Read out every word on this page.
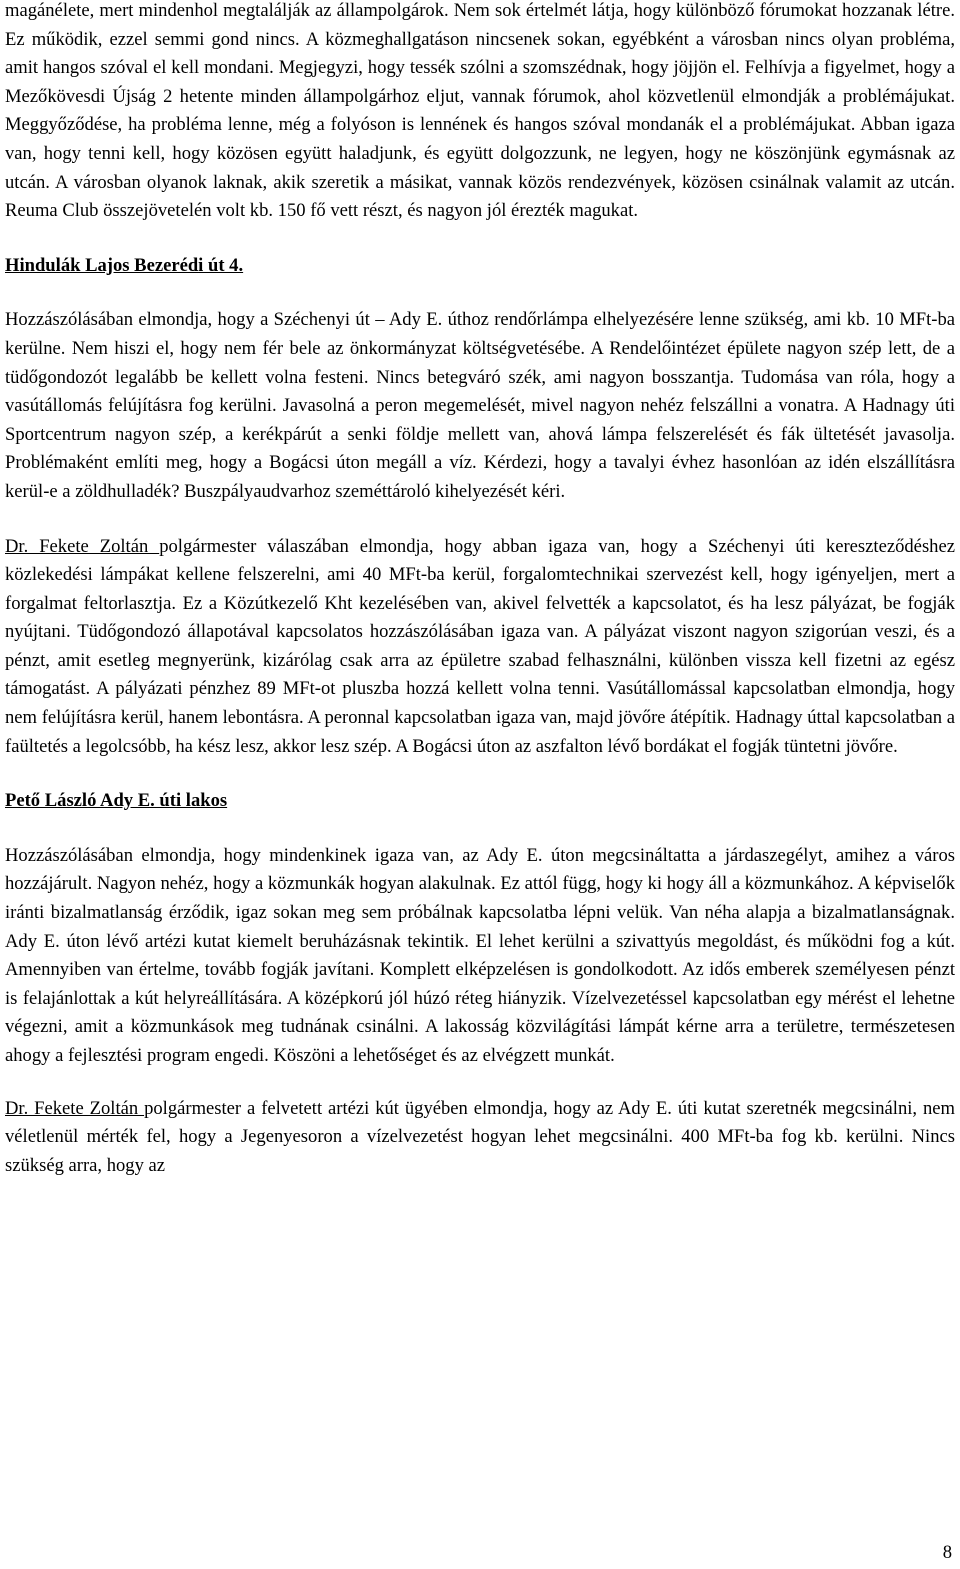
magánélete, mert mindenhol megtalálják az állampolgárok. Nem sok értelmét látja, hogy különböző fórumokat hozzanak létre. Ez működik, ezzel semmi gond nincs. A közmeghallgatáson nincsenek sokan, egyébként a városban nincs olyan probléma, amit hangos szóval el kell mondani. Megjegyzi, hogy tessék szólni a szomszédnak, hogy jöjjön el. Felhívja a figyelmet, hogy a Mezőkövesdi Újság 2 hetente minden állampolgárhoz eljut, vannak fórumok, ahol közvetlenül elmondják a problémájukat. Meggyőződése, ha probléma lenne, még a folyóson is lennének és hangos szóval mondanák el a problémájukat. Abban igaza van, hogy tenni kell, hogy közösen együtt haladjunk, és együtt dolgozzunk, ne legyen, hogy ne köszönjünk egymásnak az utcán. A városban olyanok laknak, akik szeretik a másikat, vannak közös rendezvények, közösen csinálnak valamit az utcán. Reuma Club összejövetelén volt kb. 150 fő vett részt, és nagyon jól érezték magukat.

Hindulák Lajos Bezerédi út 4.

Hozzászólásában elmondja, hogy a Széchenyi út – Ady E. úthoz rendőrlámpa elhelyezésére lenne szükség, ami kb. 10 MFt-ba kerülne. Nem hiszi el, hogy nem fér bele az önkormányzat költségvetésébe. A Rendelőintézet épülete nagyon szép lett, de a tüdőgondozót legalább be kellett volna festeni. Nincs betegváró szék, ami nagyon bosszantja. Tudomása van róla, hogy a vasútállomás felújításra fog kerülni. Javasolná a peron megemelését, mivel nagyon nehéz felszállni a vonatra. A Hadnagy úti Sportcentrum nagyon szép, a kerékpárút a senki földje mellett van, ahová lámpa felszerelését és fák ültetését javasolja. Problémaként említi meg, hogy a Bogácsi úton megáll a víz. Kérdezi, hogy a tavalyi évhez hasonlóan az idén elszállításra kerül-e a zöldhulladék? Buszpályaudvarhoz szeméttároló kihelyezését kéri.

Dr. Fekete Zoltán polgármester válaszában elmondja, hogy abban igaza van, hogy a Széchenyi úti kereszteződéshez közlekedési lámpákat kellene felszerelni, ami 40 MFt-ba kerül, forgalomtechnikai szervezést kell, hogy igényeljen, mert a forgalmat feltorlasztja. Ez a Közútkezelő Kht kezelésében van, akivel felvették a kapcsolatot, és ha lesz pályázat, be fogják nyújtani. Tüdőgondozó állapotával kapcsolatos hozzászólásában igaza van. A pályázat viszont nagyon szigorúan veszi, és a pénzt, amit esetleg megnyerünk, kizárólag csak arra az épületre szabad felhasználni, különben vissza kell fizetni az egész támogatást. A pályázati pénzhez 89 MFt-ot pluszba hozzá kellett volna tenni. Vasútállomással kapcsolatban elmondja, hogy nem felújításra kerül, hanem lebontásra. A peronnal kapcsolatban igaza van, majd jövőre átépítik. Hadnagy úttal kapcsolatban a faültetés a legolcsóbb, ha kész lesz, akkor lesz szép. A Bogácsi úton az aszfalton lévő bordákat el fogják tüntetni jövőre.

Pető László Ady E. úti lakos

Hozzászólásában elmondja, hogy mindenkinek igaza van, az Ady E. úton megcsináltatta a járdaszegélyt, amihez a város hozzájárult. Nagyon nehéz, hogy a közmunkák hogyan alakulnak. Ez attól függ, hogy ki hogy áll a közmunkához. A képviselők iránti bizalmatlanság érződik, igaz sokan meg sem próbálnak kapcsolatba lépni velük. Van néha alapja a bizalmatlanságnak. Ady E. úton lévő artézi kutat kiemelt beruházásnak tekintik. El lehet kerülni a szivattyús megoldást, és működni fog a kút. Amennyiben van értelme, tovább fogják javítani. Komplett elképzelésen is gondolkodott. Az idős emberek személyesen pénzt is felajánlottak a kút helyreállítására. A középkorú jól húzó réteg hiányzik. Vízelvezetéssel kapcsolatban egy mérést el lehetne végezni, amit a közmunkások meg tudnának csinálni. A lakosság közvilágítási lámpát kérne arra a területre, természetesen ahogy a fejlesztési program engedi. Köszöni a lehetőséget és az elvégzett munkát.

Dr. Fekete Zoltán polgármester a felvetett artézi kút ügyében elmondja, hogy az Ady E. úti kutat szeretnék megcsinálni, nem véletlenül mérték fel, hogy a Jegenyesoron a vízelvezetést hogyan lehet megcsinálni. 400 MFt-ba fog kb. kerülni. Nincs szükség arra, hogy az

8
